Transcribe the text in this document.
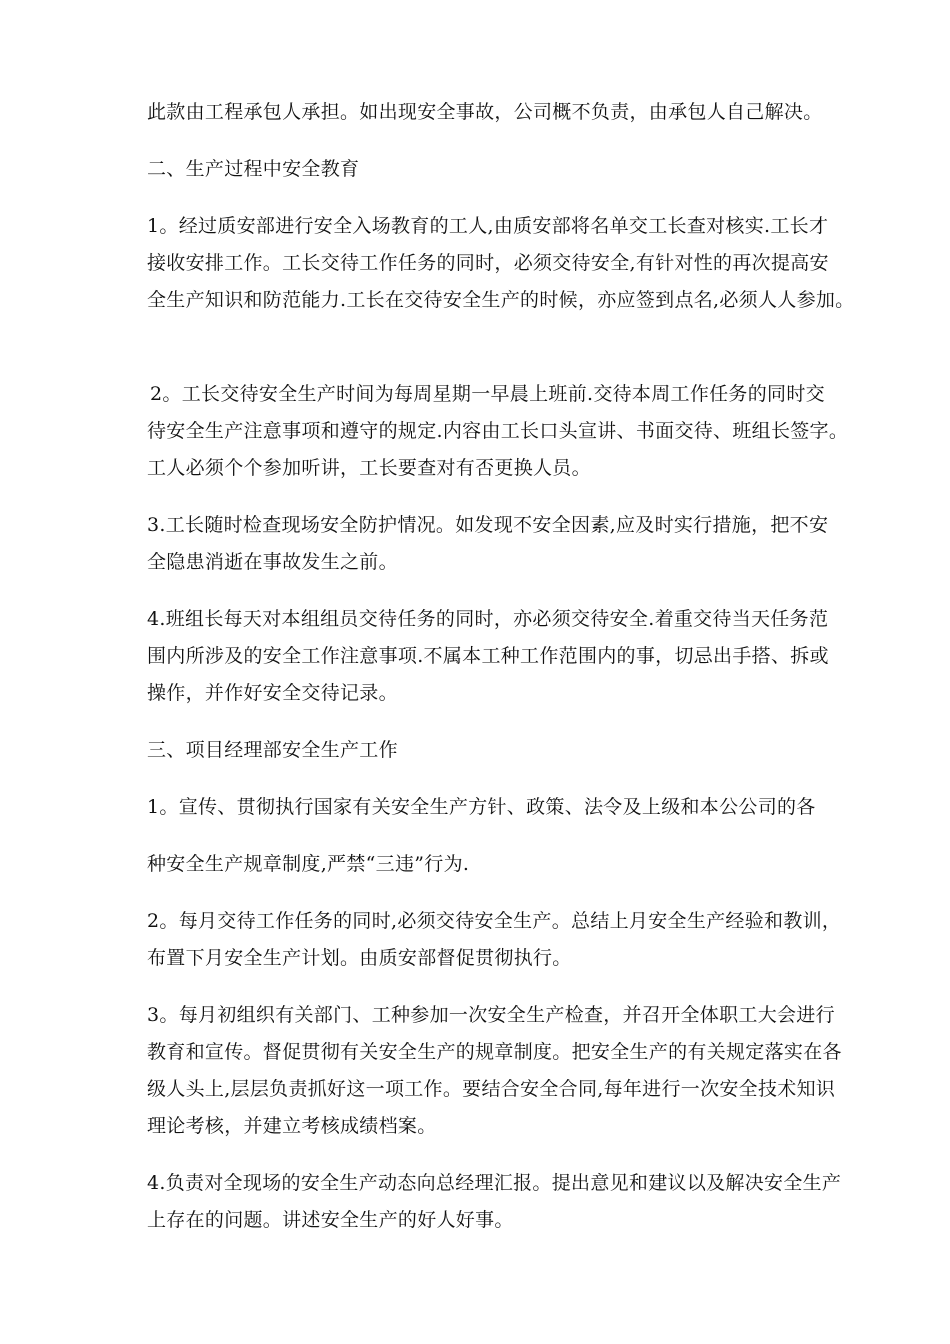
此款由工程承包人承担。如出现安全事故，公司概不负责，由承包人自己解决。

二、生产过程中安全教育

1。经过质安部进行安全入场教育的工人,由质安部将名单交工长查对核实.工长才

接收安排工作。工长交待工作任务的同时，必须交待安全,有针对性的再次提高安

全生产知识和防范能力.工长在交待安全生产的时候，亦应签到点名,必须人人参加。

2。工长交待安全生产时间为每周星期一早晨上班前.交待本周工作任务的同时交

待安全生产注意事项和遵守的规定.内容由工长口头宣讲、书面交待、班组长签字。

工人必须个个参加听讲，工长要查对有否更换人员。

3.工长随时检查现场安全防护情况。如发现不安全因素,应及时实行措施，把不安

全隐患消逝在事故发生之前。

4.班组长每天对本组组员交待任务的同时，亦必须交待安全.着重交待当天任务范

围内所涉及的安全工作注意事项.不属本工种工作范围内的事，切忌出手搭、拆或

操作，并作好安全交待记录。

三、项目经理部安全生产工作

1。宣传、贯彻执行国家有关安全生产方针、政策、法令及上级和本公公司的各

种安全生产规章制度,严禁“三违”行为.

2。每月交待工作任务的同时,必须交待安全生产。总结上月安全生产经验和教训，

布置下月安全生产计划。由质安部督促贯彻执行。

3。每月初组织有关部门、工种参加一次安全生产检查，并召开全体职工大会进行

教育和宣传。督促贯彻有关安全生产的规章制度。把安全生产的有关规定落实在各

级人头上,层层负责抓好这一项工作。要结合安全合同,每年进行一次安全技术知识

理论考核，并建立考核成绩档案。

4.负责对全现场的安全生产动态向总经理汇报。提出意见和建议以及解决安全生产

上存在的问题。讲述安全生产的好人好事。
